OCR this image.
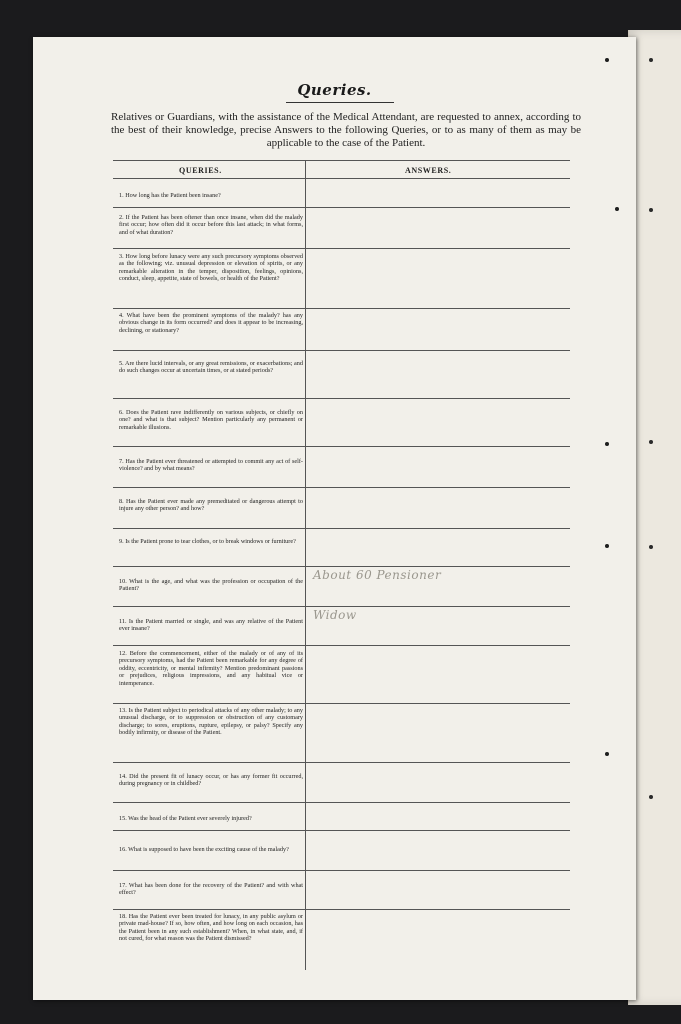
Queries.
Relatives or Guardians, with the assistance of the Medical Attendant, are requested to annex, according to the best of their knowledge, precise Answers to the following Queries, or to as many of them as may be applicable to the case of the Patient.
QUERIES.	ANSWERS.
1. How long has the Patient been insane?
2. If the Patient has been oftener than once insane, when did the malady first occur; how often did it occur before this last attack; in what forms, and of what duration?
3. How long before lunacy were any such precursory symptoms observed as the following; viz. unusual depression or elevation of spirits, or any remarkable alteration in the temper, disposition, feelings, opinions, conduct, sleep, appetite, state of bowels, or health of the Patient?
4. What have been the prominent symptoms of the malady? has any obvious change in its form occurred? and does it appear to be increasing, declining, or stationary?
5. Are there lucid intervals, or any great remissions, or exacerbations; and do such changes occur at uncertain times, or at stated periods?
6. Does the Patient rave indifferently on various subjects, or chiefly on one? and what is that subject? Mention particularly any permanent or remarkable illusions.
7. Has the Patient ever threatened or attempted to commit any act of self-violence? and by what means?
8. Has the Patient ever made any premeditated or dangerous attempt to injure any other person? and how?
9. Is the Patient prone to tear clothes, or to break windows or furniture?
10. What is the age, and what was the profession or occupation of the Patient?
About 60 Pensioner
11. Is the Patient married or single, and was any relative of the Patient ever insane?
Widow
12. Before the commencement, either of the malady or of any of its precursory symptoms, had the Patient been remarkable for any degree of oddity, eccentricity, or mental infirmity? Mention predominant passions or prejudices, religious impressions, and any habitual vice or intemperance.
13. Is the Patient subject to periodical attacks of any other malady; to any unusual discharge, or to suppression or obstruction of any customary discharge; to sores, eruptions, rupture, epilepsy, or palsy? Specify any bodily infirmity, or disease of the Patient.
14. Did the present fit of lunacy occur, or has any former fit occurred, during pregnancy or in childbed?
15. Was the head of the Patient ever severely injured?
16. What is supposed to have been the exciting cause of the malady?
17. What has been done for the recovery of the Patient? and with what effect?
18. Has the Patient ever been treated for lunacy, in any public asylum or private mad-house? If so, how often, and how long on each occasion, has the Patient been in any such establishment? When, in what state, and, if not cured, for what reason was the Patient dismissed?
